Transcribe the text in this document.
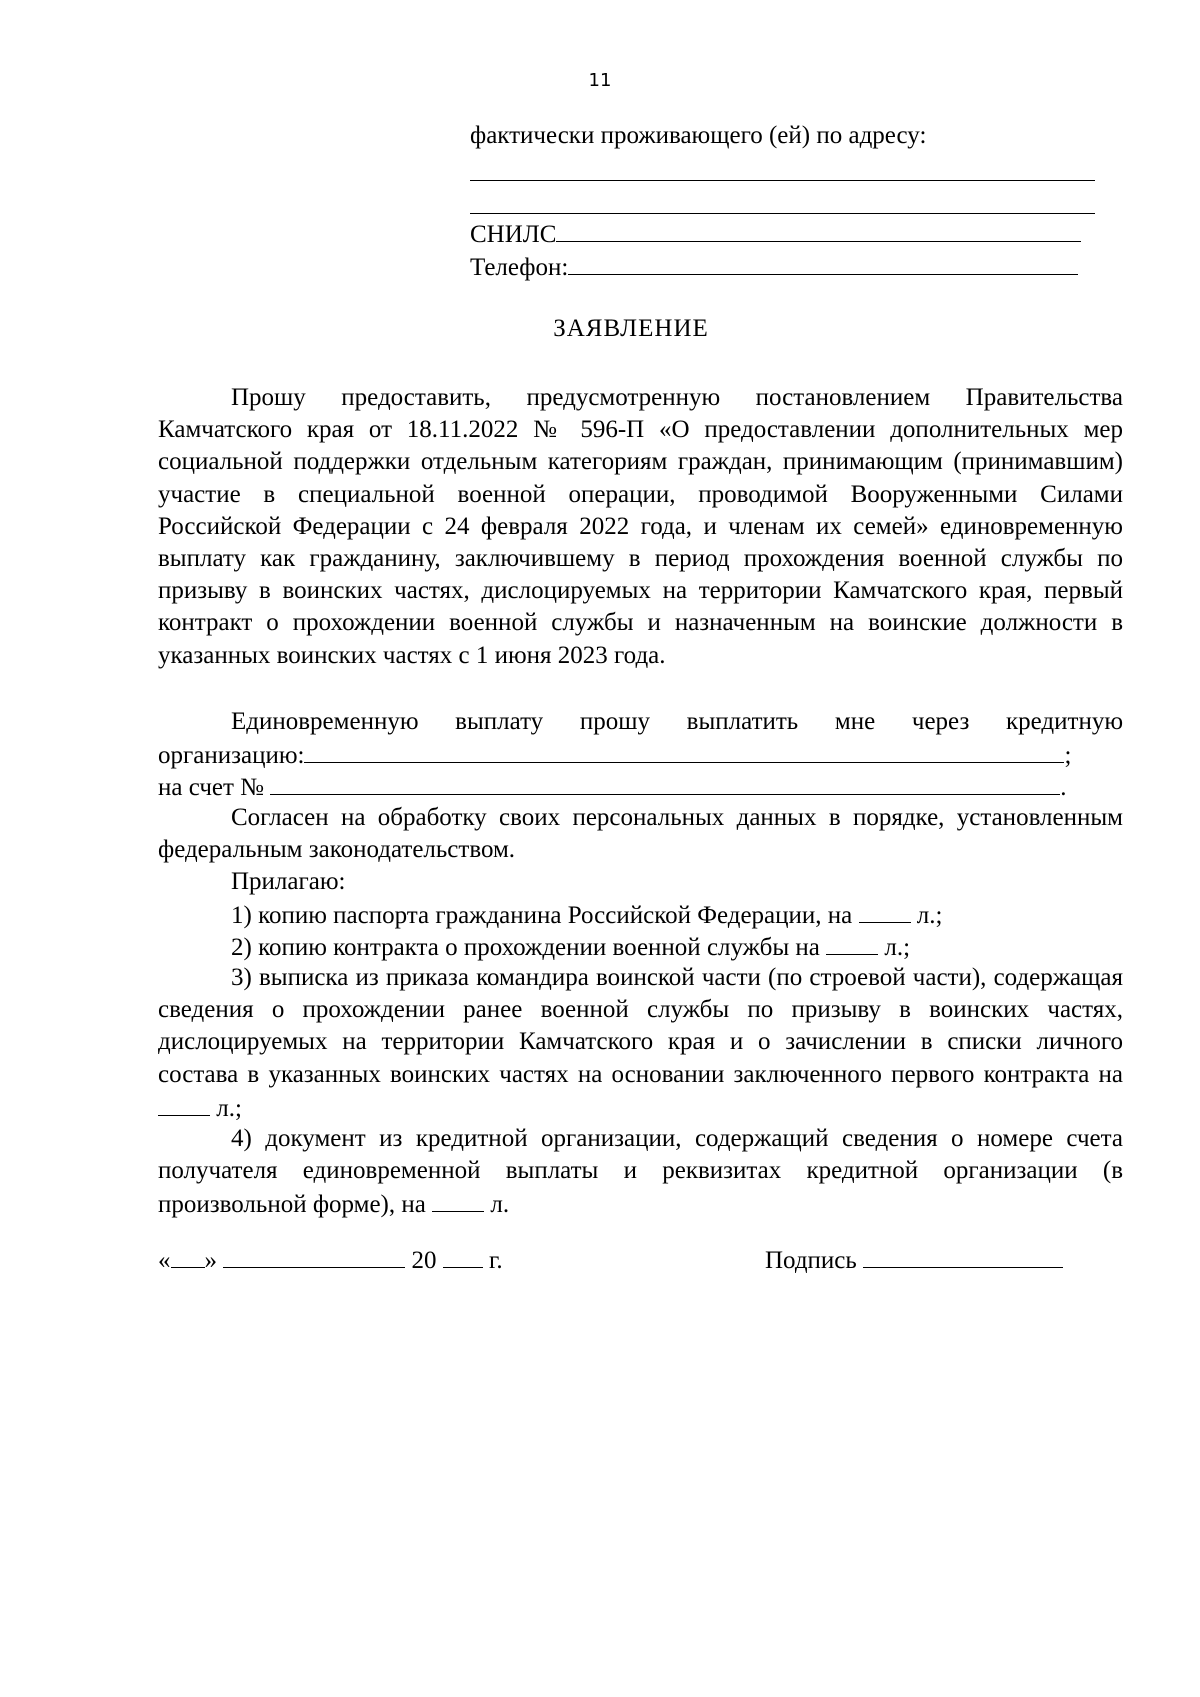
11
фактически проживающего (ей) по адресу:
СНИЛС
Телефон:
ЗАЯВЛЕНИЕ

Прошу предоставить, предусмотренную постановлением Правительства Камчатского края от 18.11.2022 № 596-П «О предоставлении дополнительных мер социальной поддержки отдельным категориям граждан, принимающим (принимавшим) участие в специальной военной операции, проводимой Вооруженными Силами Российской Федерации с 24 февраля 2022 года, и членам их семей» единовременную выплату как гражданину, заключившему в период прохождения военной службы по призыву в воинских частях, дислоцируемых на территории Камчатского края, первый контракт о прохождении военной службы и назначенным на воинские должности в указанных воинских частях с 1 июня 2023 года.

Единовременную выплату прошу выплатить мне через кредитную

организацию:	;
на счет №	.

Согласен на обработку своих персональных данных в порядке, установленным федеральным законодательством.

Прилагаю:
1) копию паспорта гражданина Российской Федерации, на	л.;
2) копию контракта о прохождении военной службы на	л.;

3) выписка из приказа командира воинской части (по строевой части), содержащая сведения о прохождении ранее военной службы по призыву в воинских частях, дислоцируемых на территории Камчатского края и о зачислении в списки личного состава в указанных воинских частях на основании заключенного первого контракта на  л.;

4) документ из кредитной организации, содержащий сведения о номере счета получателя единовременной выплаты и реквизитах кредитной организации (в произвольной форме), на	л.

« »	20 г.	Подпись
